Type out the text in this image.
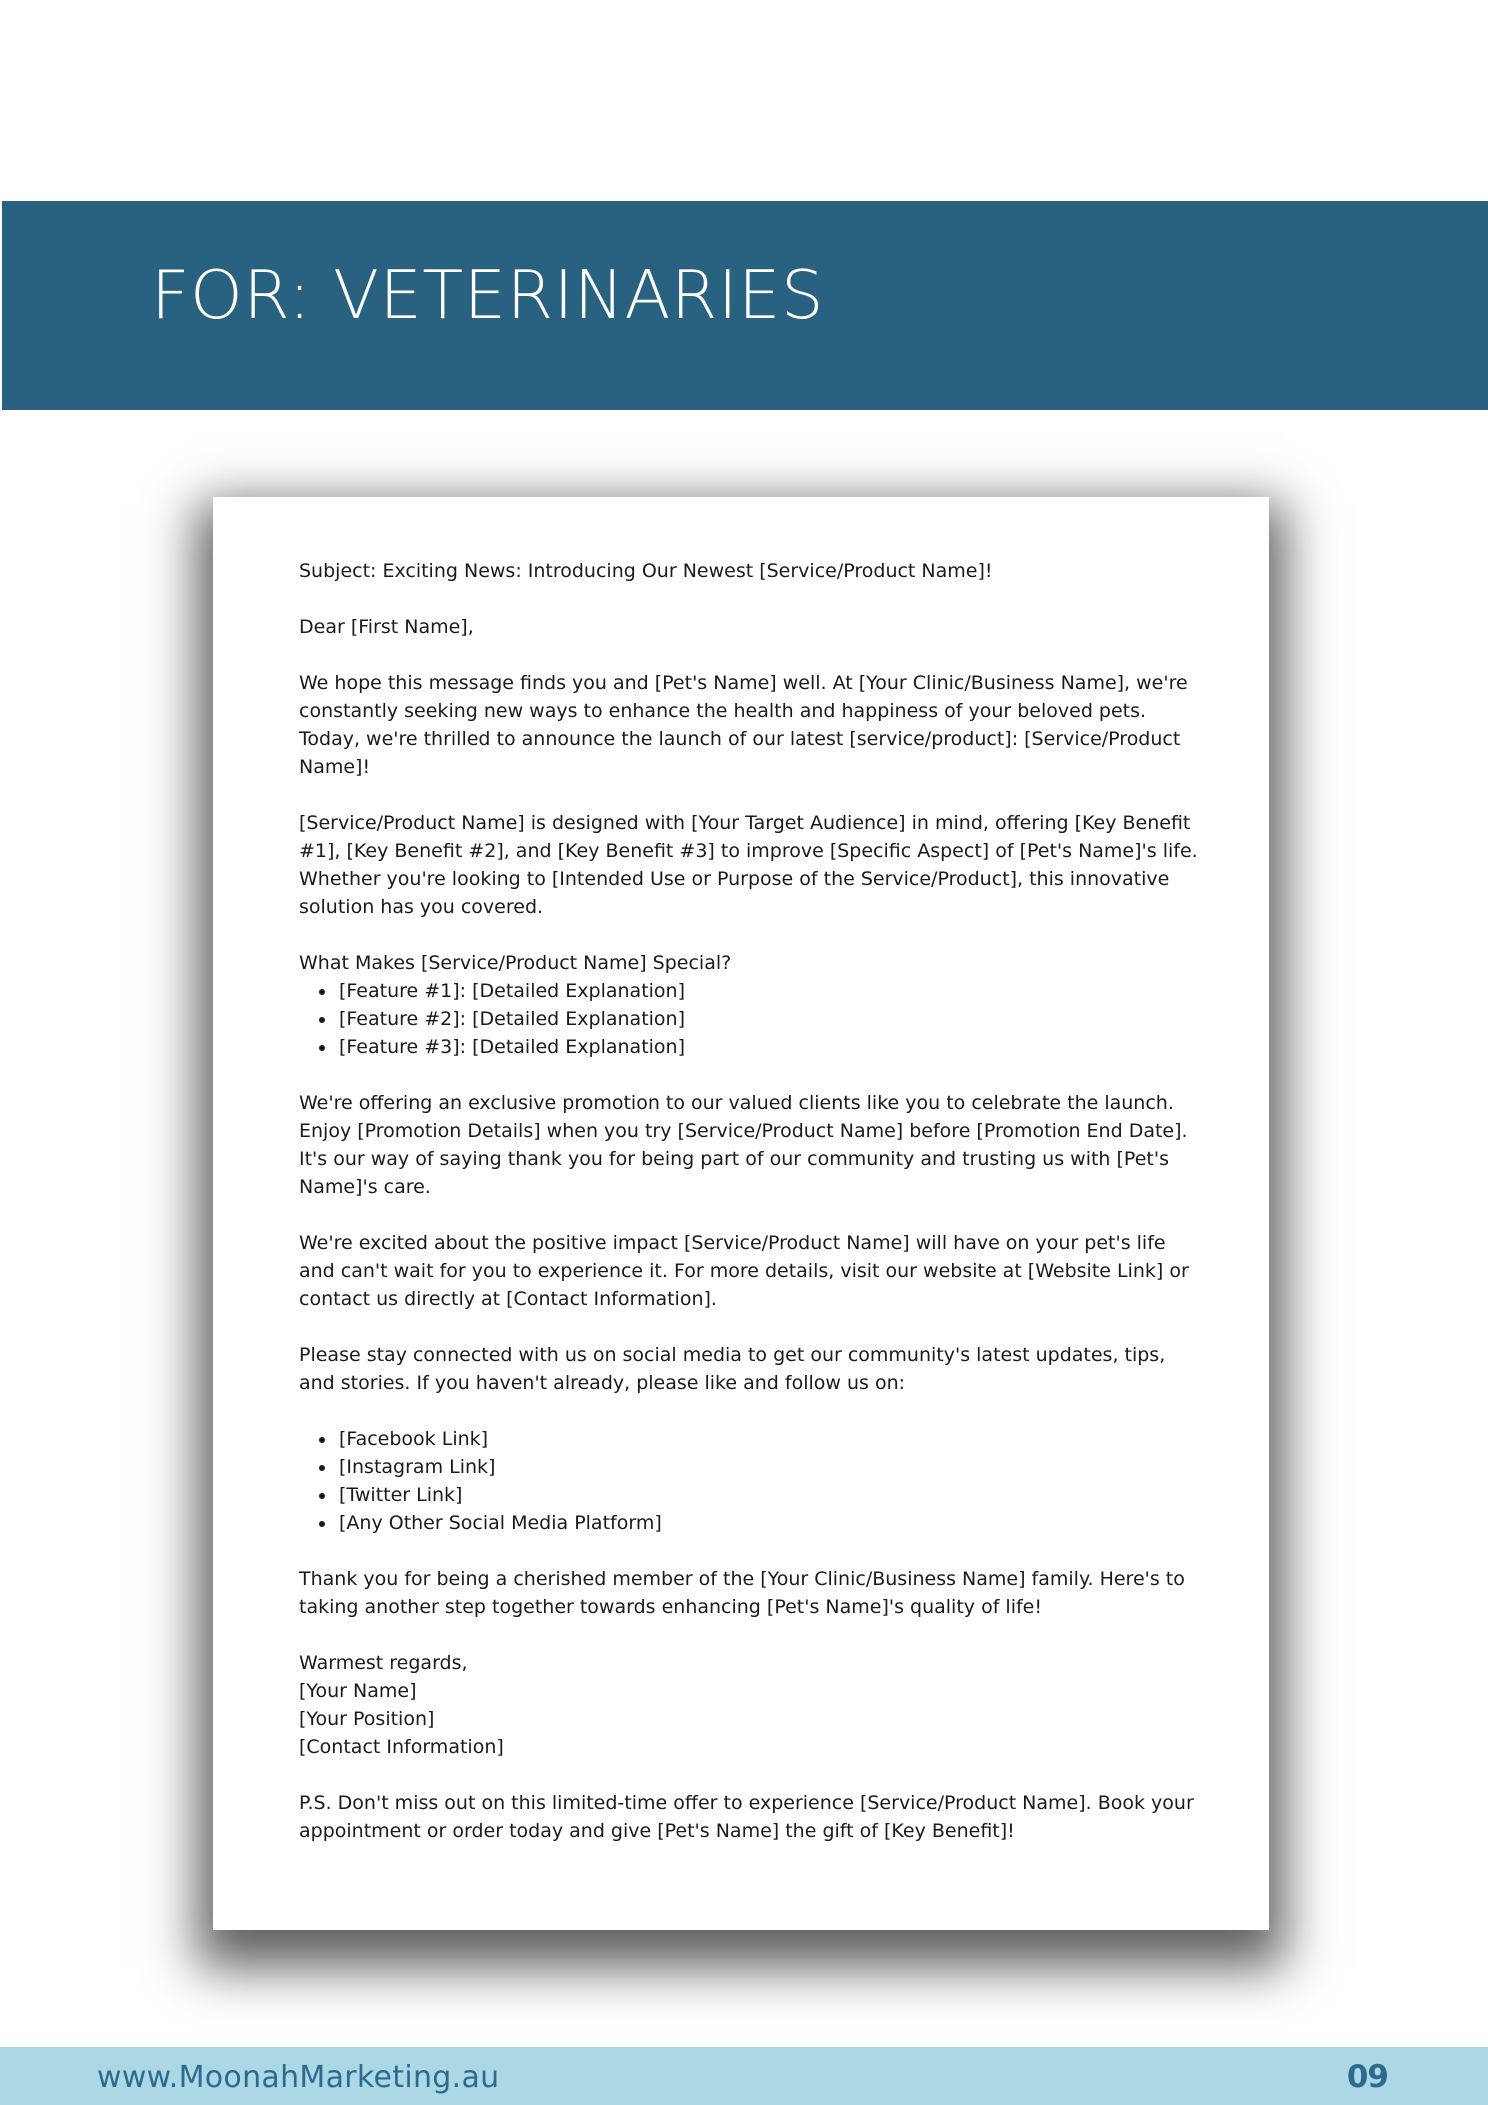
FOR: VETERINARIES

Subject: Exciting News: Introducing Our Newest [Service/Product Name]!

Dear [First Name],

We hope this message finds you and [Pet's Name] well. At [Your Clinic/Business Name], we're constantly seeking new ways to enhance the health and happiness of your beloved pets. Today, we're thrilled to announce the launch of our latest [service/product]: [Service/Product Name]!

[Service/Product Name] is designed with [Your Target Audience] in mind, offering [Key Benefit #1], [Key Benefit #2], and [Key Benefit #3] to improve [Specific Aspect] of [Pet's Name]'s life. Whether you're looking to [Intended Use or Purpose of the Service/Product], this innovative solution has you covered.

What Makes [Service/Product Name] Special?

• [Feature #1]: [Detailed Explanation]
• [Feature #2]: [Detailed Explanation]
• [Feature #3]: [Detailed Explanation]

We're offering an exclusive promotion to our valued clients like you to celebrate the launch. Enjoy [Promotion Details] when you try [Service/Product Name] before [Promotion End Date]. It's our way of saying thank you for being part of our community and trusting us with [Pet's Name]'s care.

We're excited about the positive impact [Service/Product Name] will have on your pet's life and can't wait for you to experience it. For more details, visit our website at [Website Link] or contact us directly at [Contact Information].

Please stay connected with us on social media to get our community's latest updates, tips, and stories. If you haven't already, please like and follow us on:

• [Facebook Link]
• [Instagram Link]
• [Twitter Link]
• [Any Other Social Media Platform]

Thank you for being a cherished member of the [Your Clinic/Business Name] family. Here's to taking another step together towards enhancing [Pet's Name]'s quality of life!

Warmest regards,
[Your Name]
[Your Position]
[Contact Information]

P.S. Don't miss out on this limited-time offer to experience [Service/Product Name]. Book your appointment or order today and give [Pet's Name] the gift of [Key Benefit]!

www.MoonahMarketing.au	09
